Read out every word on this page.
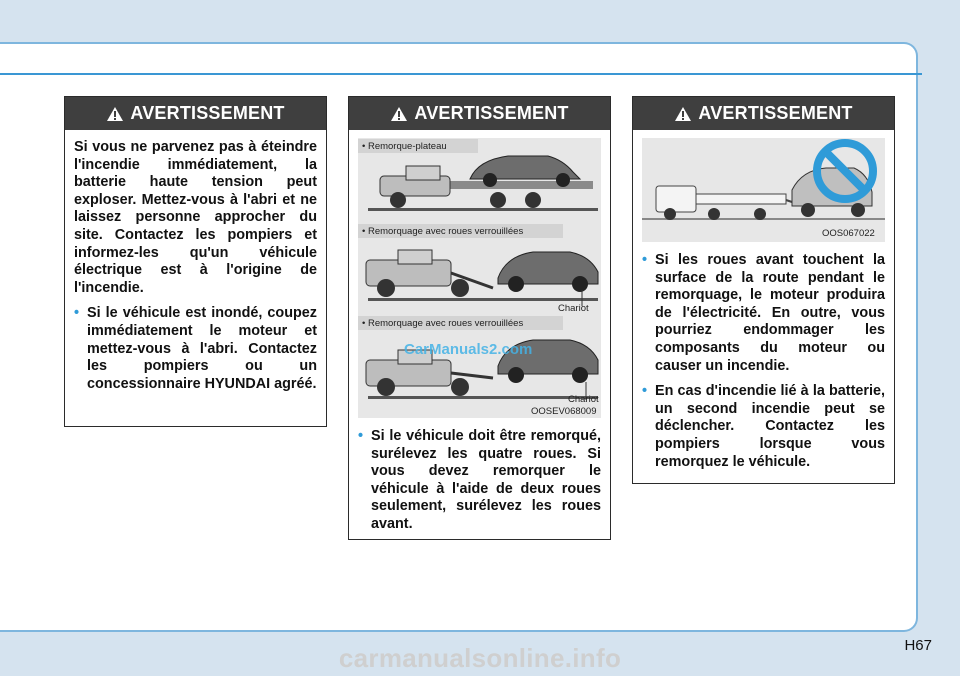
AVERTISSEMENT

Si vous ne parvenez pas à éteindre l'incendie immédiatement, la batterie haute tension peut exploser. Mettez-vous à l'abri et ne laissez personne approcher du site. Contactez les pompiers et informez-les qu'un véhicule électrique est à l'origine de l'incendie.

• Si le véhicule est inondé, coupez immédiatement le moteur et mettez-vous à l'abri. Contactez les pompiers ou un concessionnaire HYUNDAI agréé.

AVERTISSEMENT
• Remorque-plateau
• Remorquage avec roues verrouillées
• Remorquage avec roues verrouillées
Chariot
Chariot
OOSEV068009

• Si le véhicule doit être remorqué, surélevez les quatre roues. Si vous devez remorquer le véhicule à l'aide de deux roues seulement, surélevez les roues avant.

CarManuals2.com
AVERTISSEMENT
OOS067022

• Si les roues avant touchent la surface de la route pendant le remorquage, le moteur produira de l'électricité. En outre, vous pourriez endommager les composants du moteur ou causer un incendie.

• En cas d'incendie lié à la batterie, un second incendie peut se déclencher. Contactez les pompiers lorsque vous remorquez le véhicule.

H67
carmanualsonline.info
